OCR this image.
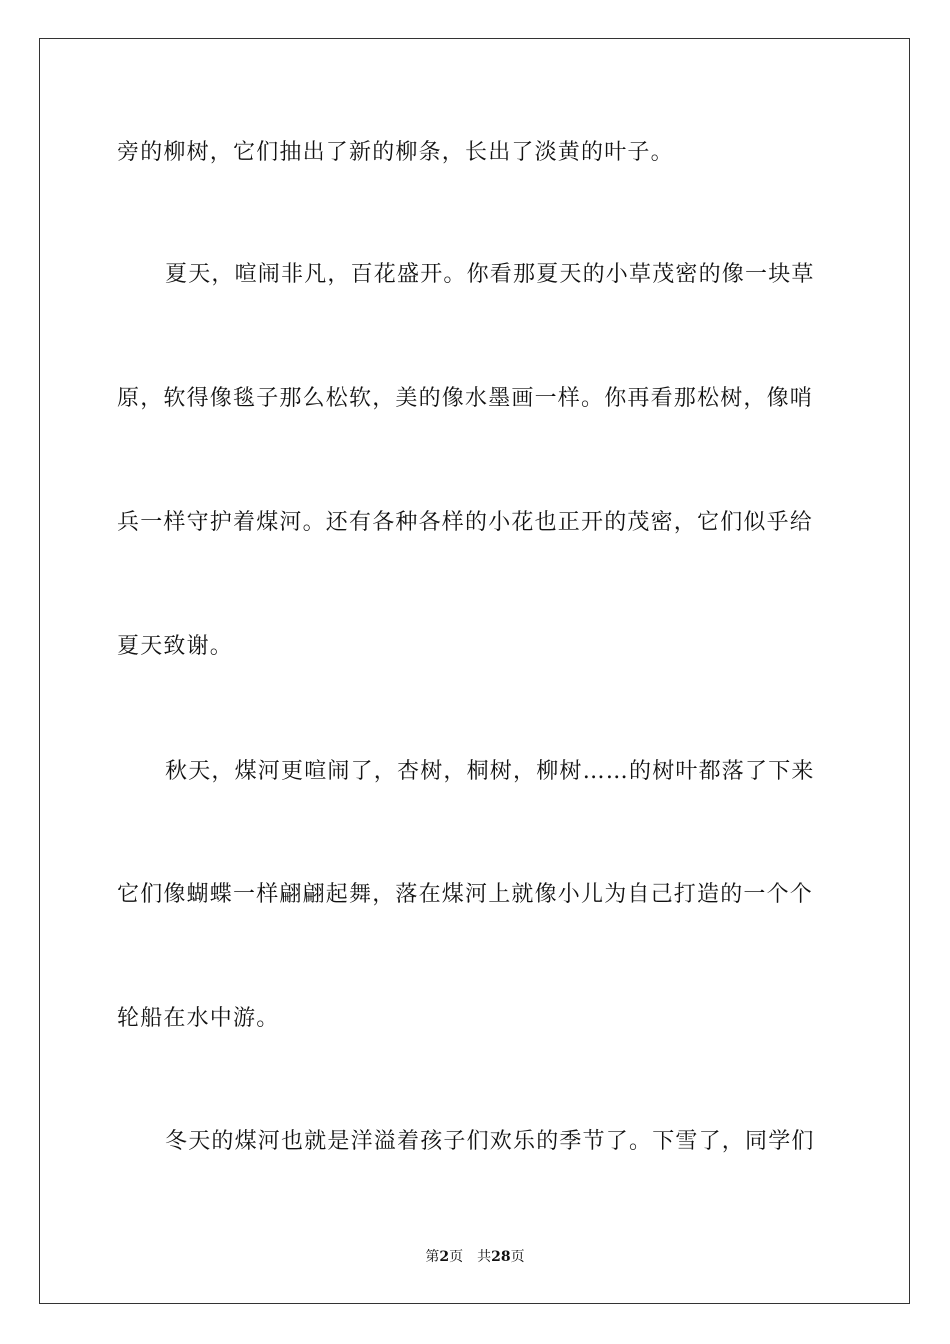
旁的柳树，它们抽出了新的柳条，长出了淡黄的叶子。
夏天，喧闹非凡，百花盛开。你看那夏天的小草茂密的像一块草
原，软得像毯子那么松软，美的像水墨画一样。你再看那松树，像哨
兵一样守护着煤河。还有各种各样的小花也正开的茂密，它们似乎给
夏天致谢。
秋天，煤河更喧闹了，杏树，桐树，柳树……的树叶都落了下来
它们像蝴蝶一样翩翩起舞，落在煤河上就像小儿为自己打造的一个个
轮船在水中游。
冬天的煤河也就是洋溢着孩子们欢乐的季节了。下雪了，同学们
第2页 共28页
